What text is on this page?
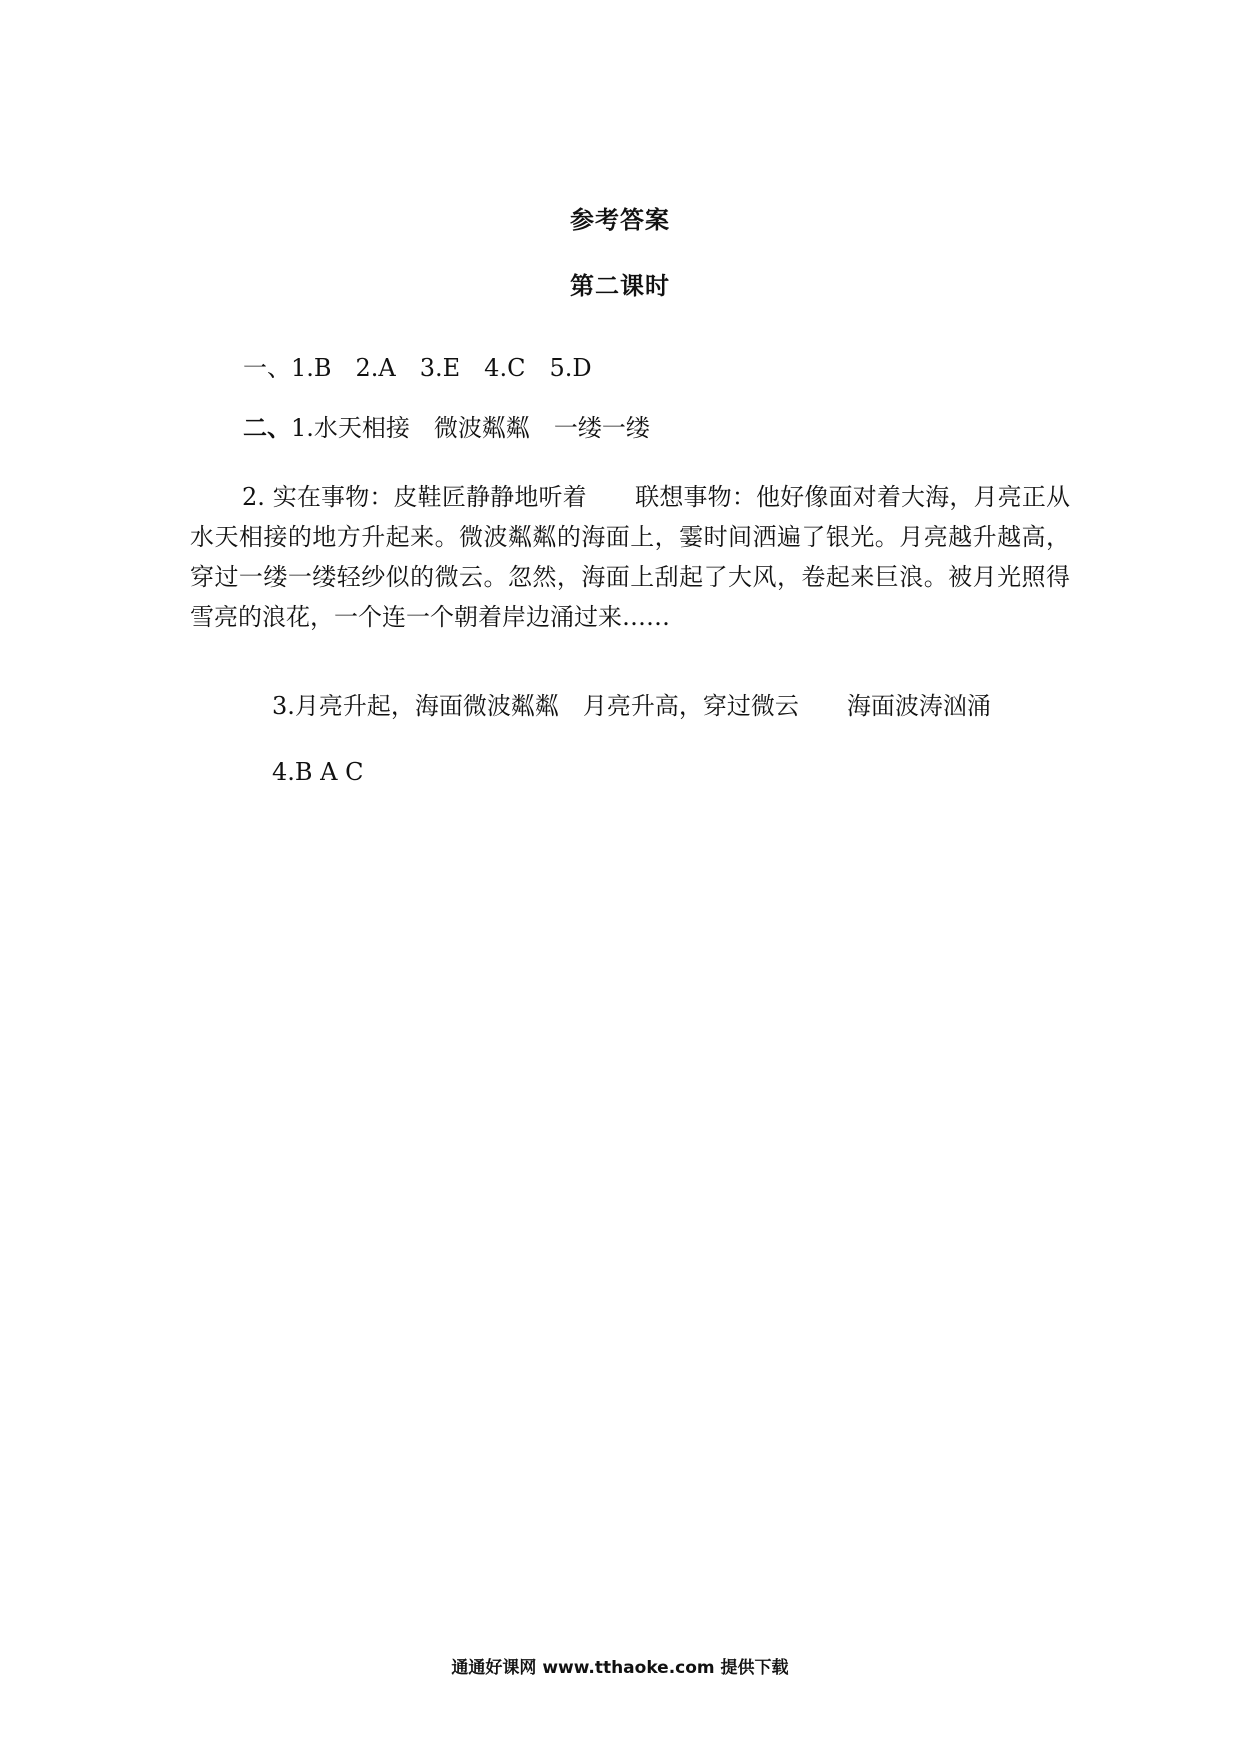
参考答案
第二课时
一、1.B　2.A　3.E　4.C　5.D
二、1.水天相接　微波粼粼　一缕一缕
2. 实在事物：皮鞋匠静静地听着　　联想事物：他好像面对着大海，月亮正从水天相接的地方升起来。微波粼粼的海面上，霎时间洒遍了银光。月亮越升越高，穿过一缕一缕轻纱似的微云。忽然，海面上刮起了大风，卷起来巨浪。被月光照得雪亮的浪花，一个连一个朝着岸边涌过来……
3.月亮升起，海面微波粼粼　月亮升高，穿过微云　　海面波涛汹涌
4.B A C
通通好课网 www.tthaoke.com 提供下载
